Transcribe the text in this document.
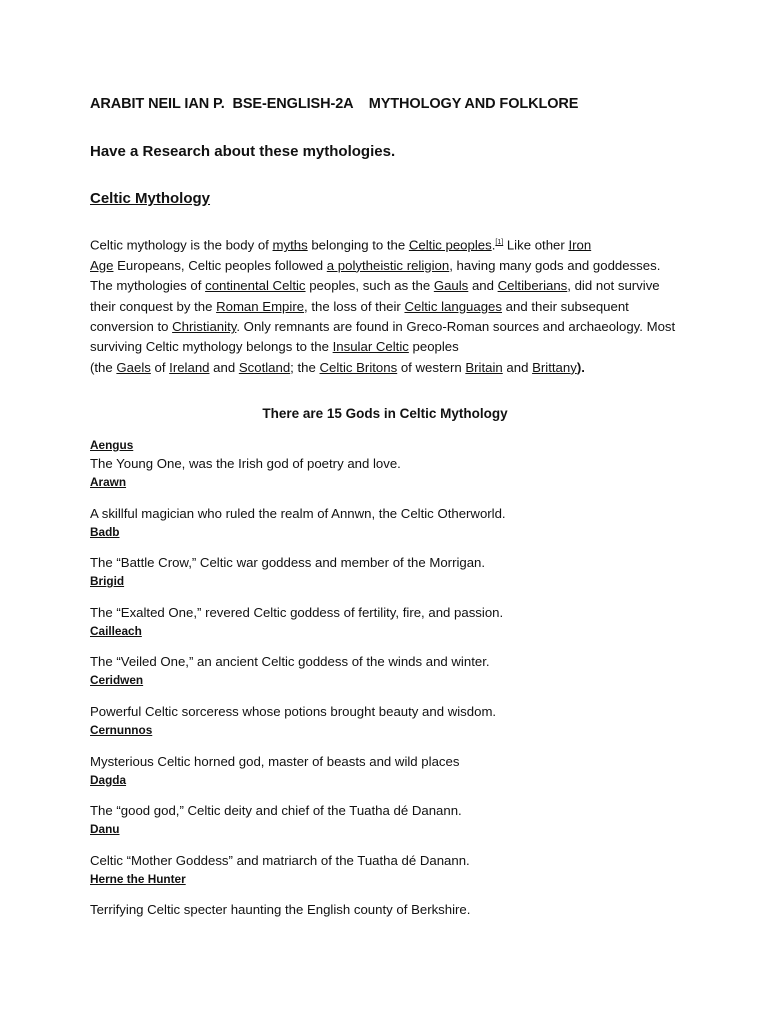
ARABIT NEIL IAN P.  BSE-ENGLISH-2A    MYTHOLOGY AND FOLKLORE
Have a Research about these mythologies.
Celtic Mythology
Celtic mythology is the body of myths belonging to the Celtic peoples.[1] Like other Iron
Age Europeans, Celtic peoples followed a polytheistic religion, having many gods and goddesses. The mythologies of continental Celtic peoples, such as the Gauls and Celtiberians, did not survive their conquest by the Roman Empire, the loss of their Celtic languages and their subsequent conversion to Christianity. Only remnants are found in Greco-Roman sources and archaeology. Most surviving Celtic mythology belongs to the Insular Celtic peoples
(the Gaels of Ireland and Scotland; the Celtic Britons of western Britain and Brittany).
There are 15 Gods in Celtic Mythology
Aengus
The Young One, was the Irish god of poetry and love.
Arawn
A skillful magician who ruled the realm of Annwn, the Celtic Otherworld.
Badb
The “Battle Crow,” Celtic war goddess and member of the Morrigan.
Brigid
The “Exalted One,” revered Celtic goddess of fertility, fire, and passion.
Cailleach
The “Veiled One,” an ancient Celtic goddess of the winds and winter.
Ceridwen
Powerful Celtic sorceress whose potions brought beauty and wisdom.
Cernunnos
Mysterious Celtic horned god, master of beasts and wild places
Dagda
The “good god,” Celtic deity and chief of the Tuatha dé Danann.
Danu
Celtic “Mother Goddess” and matriarch of the Tuatha dé Danann.
Herne the Hunter
Terrifying Celtic specter haunting the English county of Berkshire.
